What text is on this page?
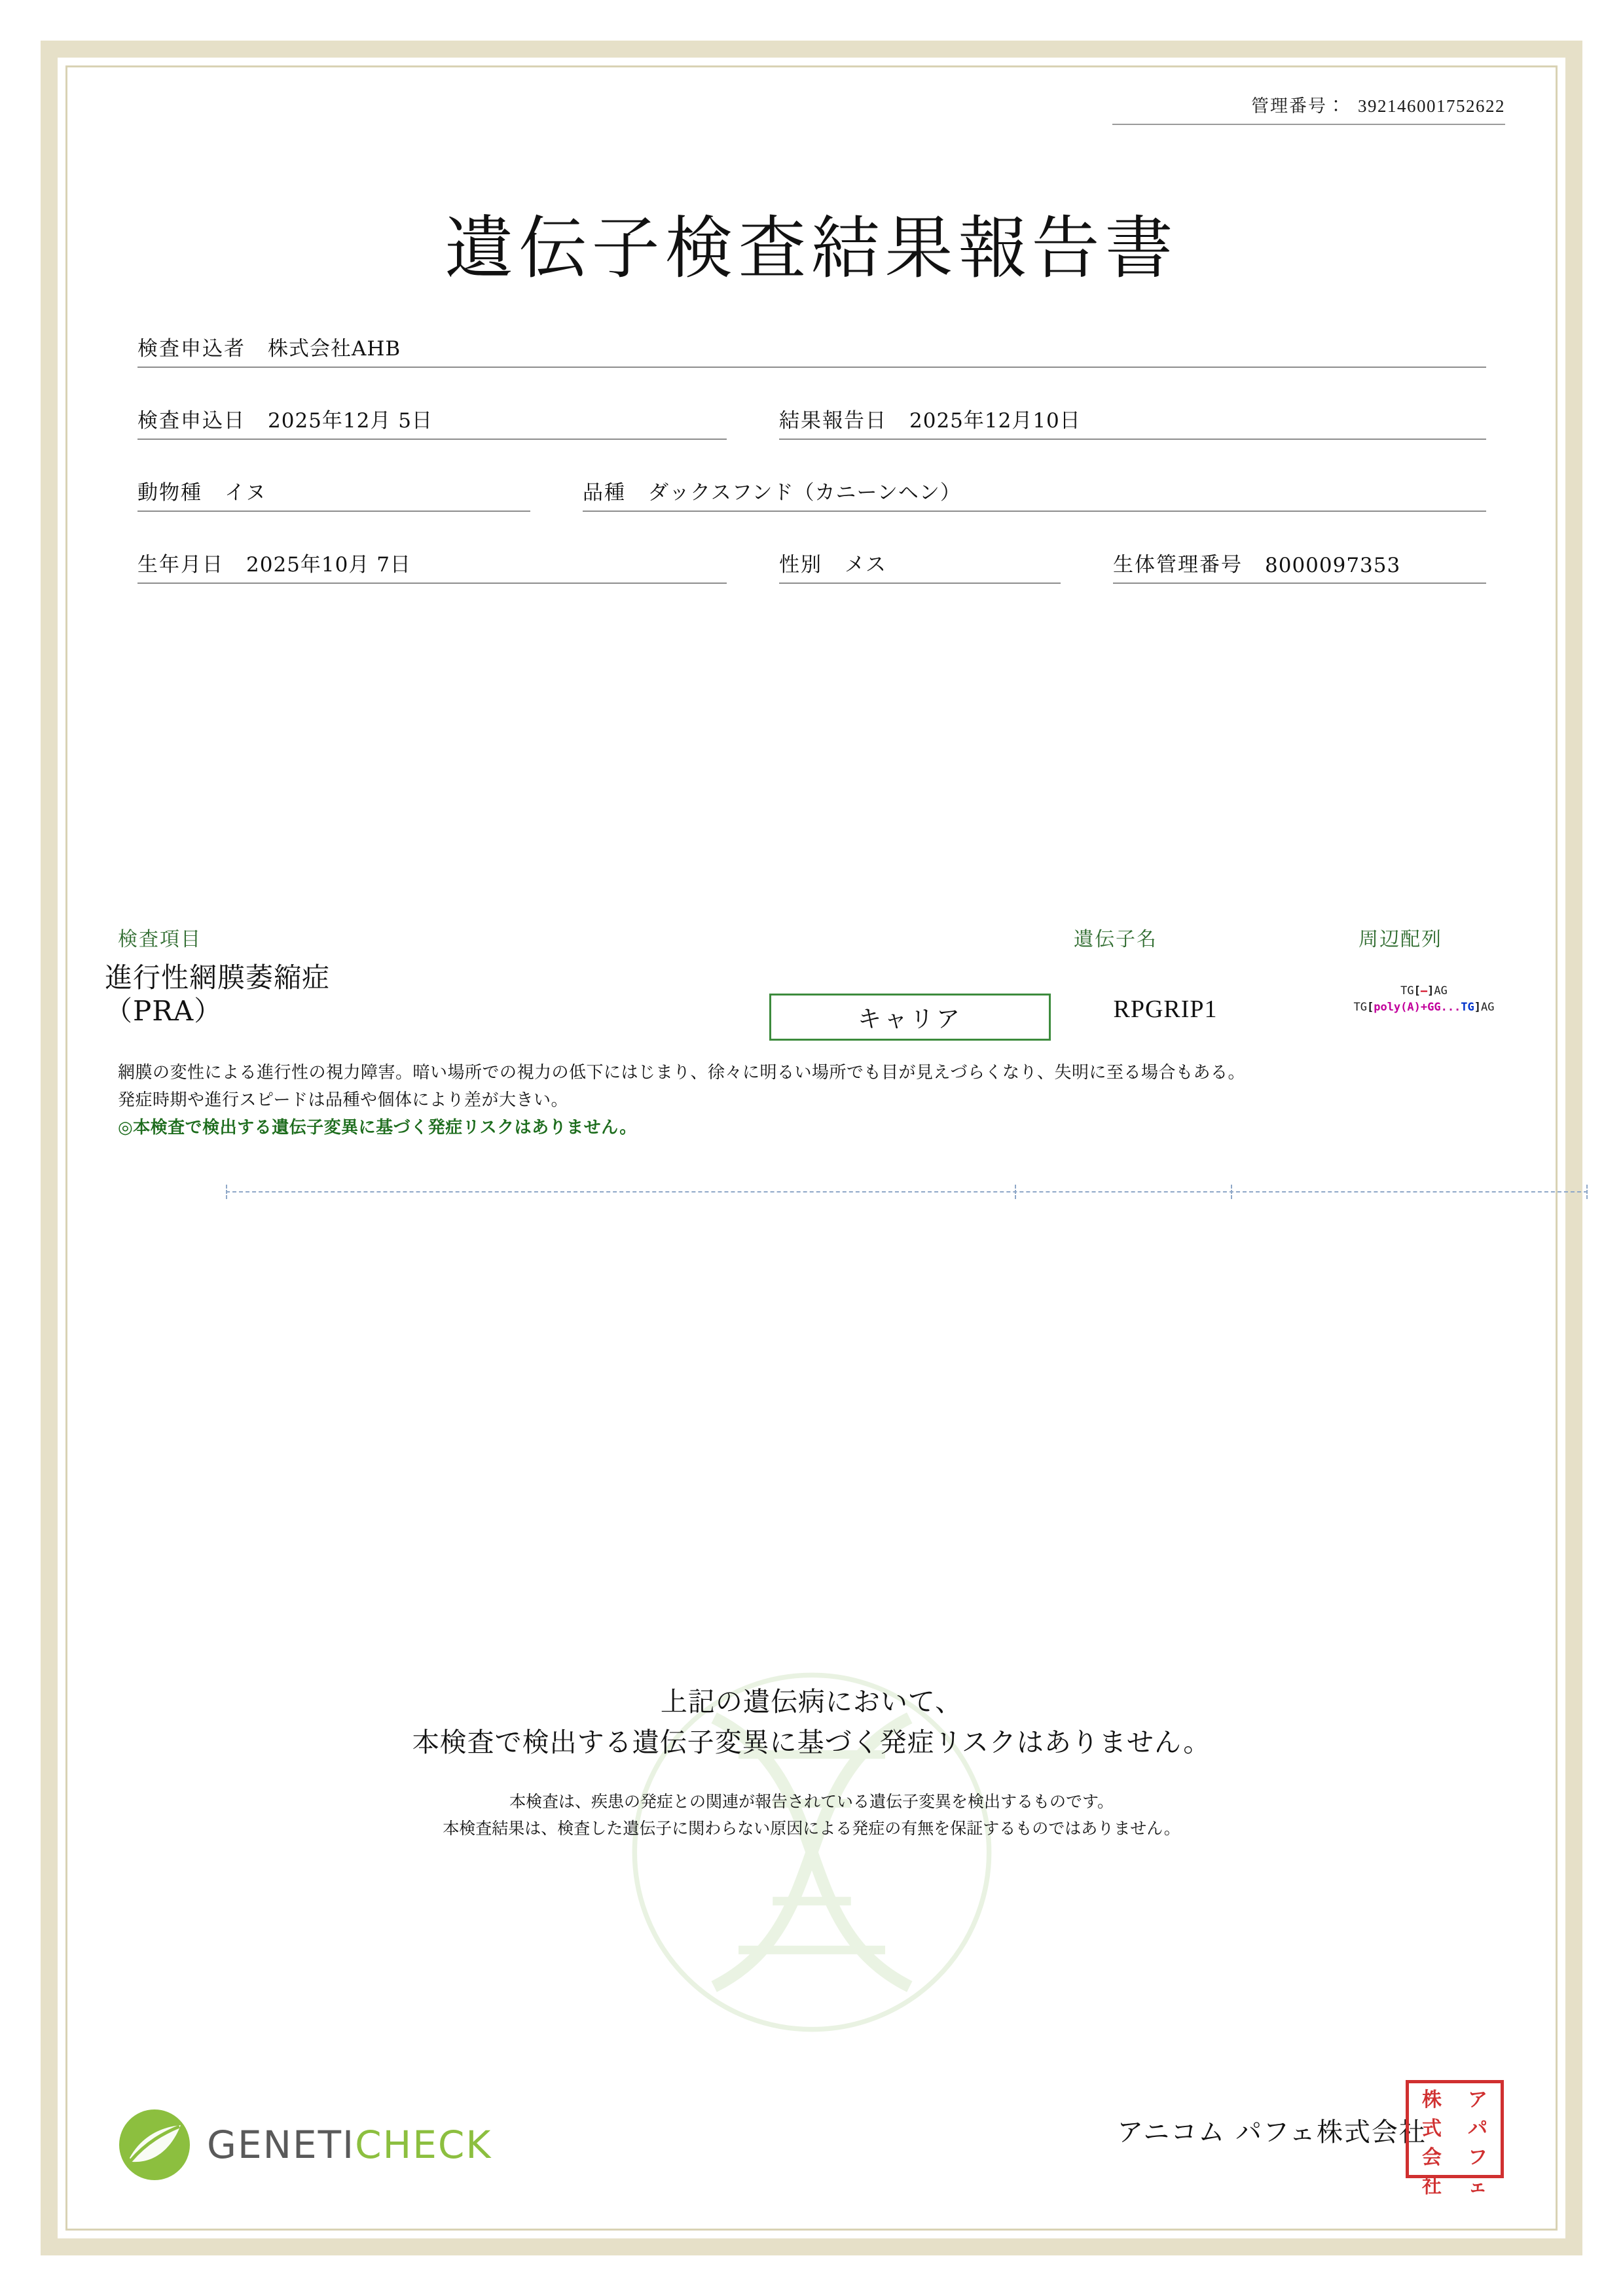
管理番号： 392146001752622
遺伝子検査結果報告書
検査申込者	株式会社AHB
検査申込日	2025年12月 5日	結果報告日	2025年12月10日
動物種	イヌ	品種	ダックスフンド（カニーンヘン）
生年月日	2025年10月 7日	性別	メス	生体管理番号	8000097353
検査項目	遺伝子名	周辺配列
進行性網膜萎縮症
（PRA）	キャリア	RPGRIP1
TG[–]AG
TG[poly(A)+GG...TG]AG
網膜の変性による進行性の視力障害。暗い場所での視力の低下にはじまり、徐々に明るい場所でも目が見えづらくなり、失明に至る場合もある。
発症時期や進行スピードは品種や個体により差が大きい。
◎本検査で検出する遺伝子変異に基づく発症リスクはありません。
上記の遺伝病において、
本検査で検出する遺伝子変異に基づく発症リスクはありません。
本検査は、疾患の発症との関連が報告されている遺伝子変異を検出するものです。
本検査結果は、検査した遺伝子に関わらない原因による発症の有無を保証するものではありません。
GENETICHECK	アニコム パフェ株式会社
株	ア
式	パ
会	フ
社	ェ
